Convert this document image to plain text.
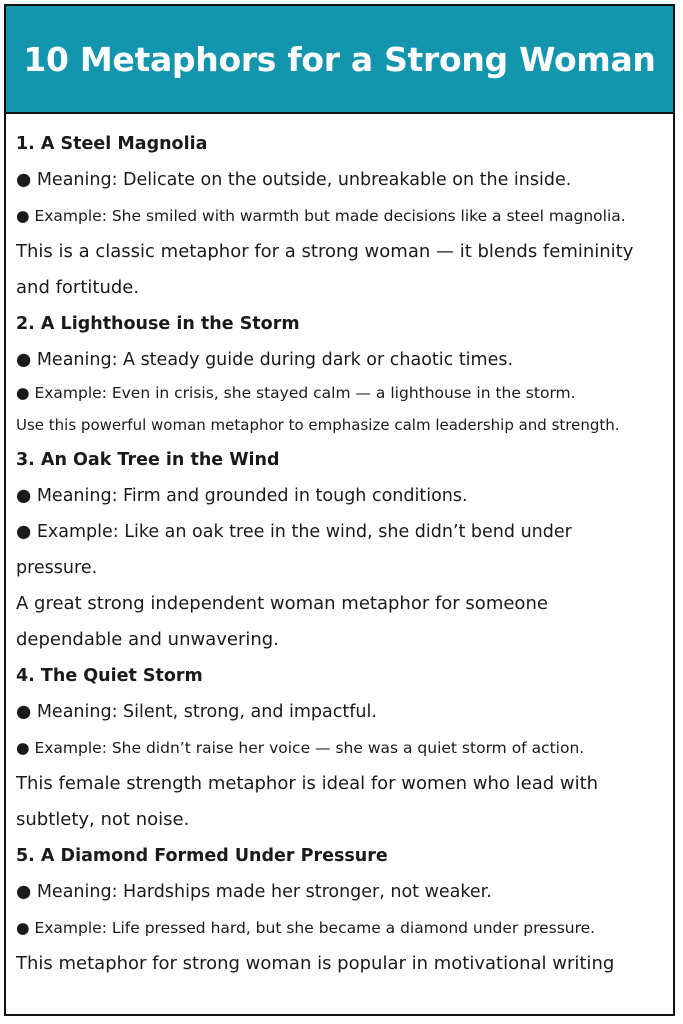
10 Metaphors for a Strong Woman
1. A Steel Magnolia
● Meaning: Delicate on the outside, unbreakable on the inside.
● Example: She smiled with warmth but made decisions like a steel magnolia.
This is a classic metaphor for a strong woman — it blends femininity
and fortitude.
2. A Lighthouse in the Storm
● Meaning: A steady guide during dark or chaotic times.
● Example: Even in crisis, she stayed calm — a lighthouse in the storm.
Use this powerful woman metaphor to emphasize calm leadership and strength.
3. An Oak Tree in the Wind
● Meaning: Firm and grounded in tough conditions.
● Example: Like an oak tree in the wind, she didn’t bend under
pressure.
A great strong independent woman metaphor for someone
dependable and unwavering.
4. The Quiet Storm
● Meaning: Silent, strong, and impactful.
● Example: She didn’t raise her voice — she was a quiet storm of action.
This female strength metaphor is ideal for women who lead with
subtlety, not noise.
5. A Diamond Formed Under Pressure
● Meaning: Hardships made her stronger, not weaker.
● Example: Life pressed hard, but she became a diamond under pressure.
This metaphor for strong woman is popular in motivational writing
